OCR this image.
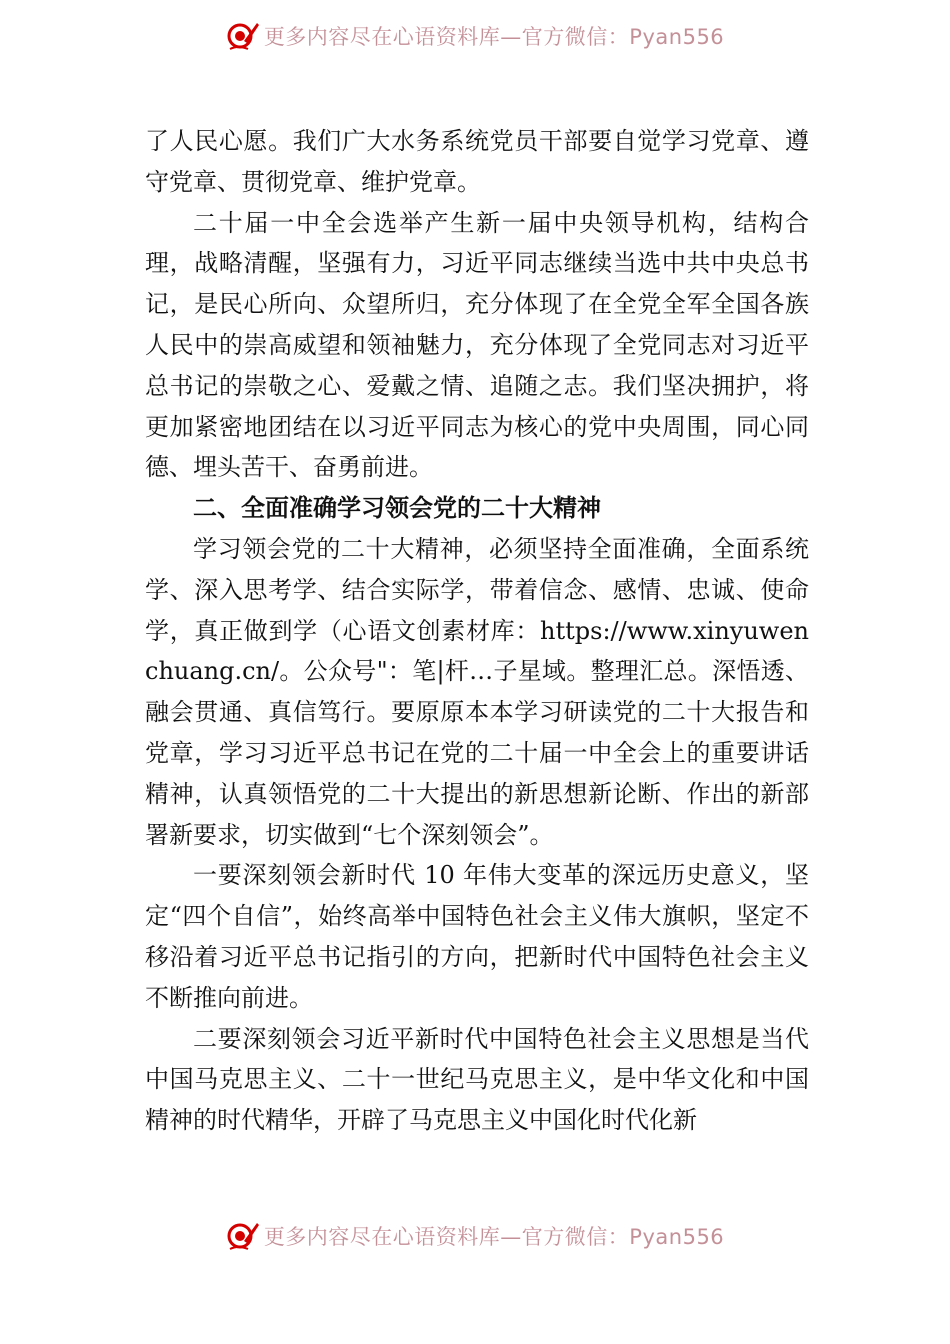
更多内容尽在心语资料库—官方微信：Pyan556

了人民心愿。我们广大水务系统党员干部要自觉学习党章、遵守党章、贯彻党章、维护党章。

二十届一中全会选举产生新一届中央领导机构，结构合理，战略清醒，坚强有力，习近平同志继续当选中共中央总书记，是民心所向、众望所归，充分体现了在全党全军全国各族人民中的崇高威望和领袖魅力，充分体现了全党同志对习近平总书记的崇敬之心、爱戴之情、追随之志。我们坚决拥护，将更加紧密地团结在以习近平同志为核心的党中央周围，同心同德、埋头苦干、奋勇前进。

二、全面准确学习领会党的二十大精神

学习领会党的二十大精神，必须坚持全面准确，全面系统学、深入思考学、结合实际学，带着信念、感情、忠诚、使命学，真正做到学（心语文创素材库：https://www.xinyuwenchuang.cn/。公众号"：笔|杆…子星域。整理汇总。深悟透、融会贯通、真信笃行。要原原本本学习研读党的二十大报告和党章，学习习近平总书记在党的二十届一中全会上的重要讲话精神，认真领悟党的二十大提出的新思想新论断、作出的新部署新要求，切实做到“七个深刻领会”。

一要深刻领会新时代 10 年伟大变革的深远历史意义，坚定“四个自信”，始终高举中国特色社会主义伟大旗帜，坚定不移沿着习近平总书记指引的方向，把新时代中国特色社会主义不断推向前进。

二要深刻领会习近平新时代中国特色社会主义思想是当代中国马克思主义、二十一世纪马克思主义，是中华文化和中国精神的时代精华，开辟了马克思主义中国化时代化新

更多内容尽在心语资料库—官方微信：Pyan556
